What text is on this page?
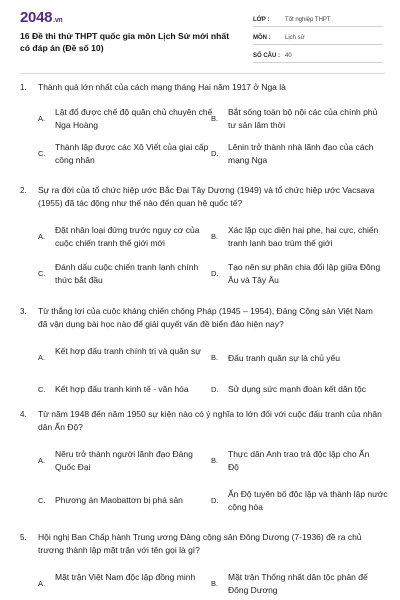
2048.vn
16 Đề thi thử THPT quốc gia môn Lịch Sử mới nhất có đáp án (Đề số 10)
LỚP :	Tốt nghiệp THPT
MÔN :	Lịch sử
SỐ CÂU : 40
1. Thành quả lớn nhất của cách mạng tháng Hai năm 1917 ở Nga là
A.
Lật đổ được chế độ quân chủ chuyên chế Nga Hoàng
B.
Bắt sống toàn bộ nội các của chính phủ tư sản lâm thời
C.
Thành lập được các Xô Viết của giai cấp công nhân
D.
Lênin trở thành nhà lãnh đạo của cách mạng Nga
2. Sự ra đời của tổ chức hiệp ước Bắc Đại Tây Dương (1949) và tổ chức hiệp ước Vacsava (1955) đã tác động như thế nào đến quan hệ quốc tế?
A.
Đặt nhân loại đứng trước nguy cơ của cuộc chiến tranh thế giới mới
B.
Xác lập cục diện hai phe, hai cực, chiến tranh lạnh bao trùm thế giới
C.
Đánh dấu cuộc chiến tranh lạnh chính thức bắt đầu
D.
Tạo nên sự phân chia đối lập giữa Đông Âu và Tây Âu
3. Từ thắng lợi của cuộc kháng chiến chống Pháp (1945 – 1954), Đảng Cộng sản Việt Nam đã vận dụng bài học nào để giải quyết vấn đề biển đảo hiện nay?
A.
Kết hợp đấu tranh chính trị và quân sự
B. Đấu tranh quân sự là chủ yếu
C. Kết hợp đấu tranh kinh tế - văn hóa	D. Sử dụng sức mạnh đoàn kết dân tộc
4. Từ năm 1948 đến năm 1950 sự kiện nào có ý nghĩa to lớn đối với cuộc đấu tranh của nhân dân Ấn Độ?
A.
Nêru trở thành người lãnh đạo Đảng Quốc Đại
B.
Thực dân Anh trao trả độc lập cho Ấn Độ
C. Phương án Maobattơn bị phá sản	D.
Ấn Độ tuyên bố độc lập và thành lập nước cộng hòa
5. Hội nghị Ban Chấp hành Trung ương Đảng cộng sản Đông Dương (7-1936) đề ra chủ trương thành lập mặt trận với tên gọi là gì?
A.
Mặt trận Việt Nam độc lập đồng minh
B.
Mặt trận Thống nhất dân tộc phản đế Đông Dương
